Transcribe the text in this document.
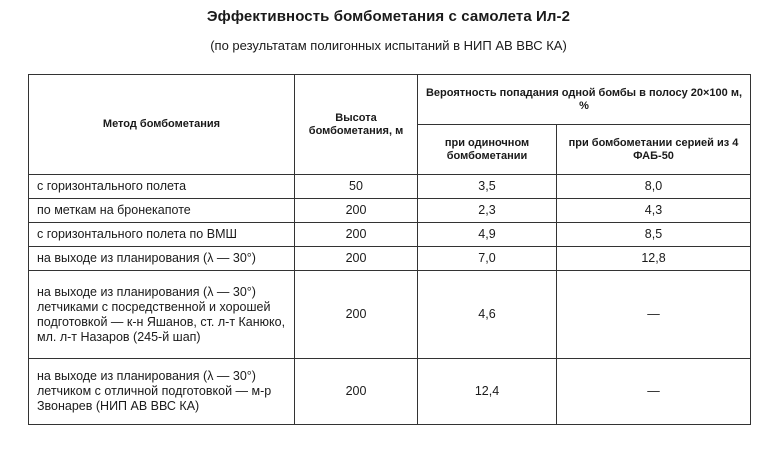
Эффективность бомбометания с самолета Ил-2
(по результатам полигонных испытаний в НИП АВ ВВС КА)
Метод бомбометания	Высота бомбометания, м	Вероятность попадания одной бомбы в полосу 20×100 м, %	
		при одиночном бомбометании	при бомбометании серией из 4 ФАБ-50
с горизонтального полета	50	3,5	8,0
по меткам на бронекапоте	200	2,3	4,3
с горизонтального полета по ВМШ	200	4,9	8,5
на выходе из планирования (λ — 30°)	200	7,0	12,8
на выходе из планирования (λ — 30°) летчиками с посредственной и хорошей подготовкой — к-н Яшанов, ст. л-т Канюко, мл. л-т Назаров (245-й шап)	200	4,6	—
на выходе из планирования (λ — 30°) летчиком с отличной подготовкой — м-р Звонарев (НИП АВ ВВС КА)	200	12,4	—
